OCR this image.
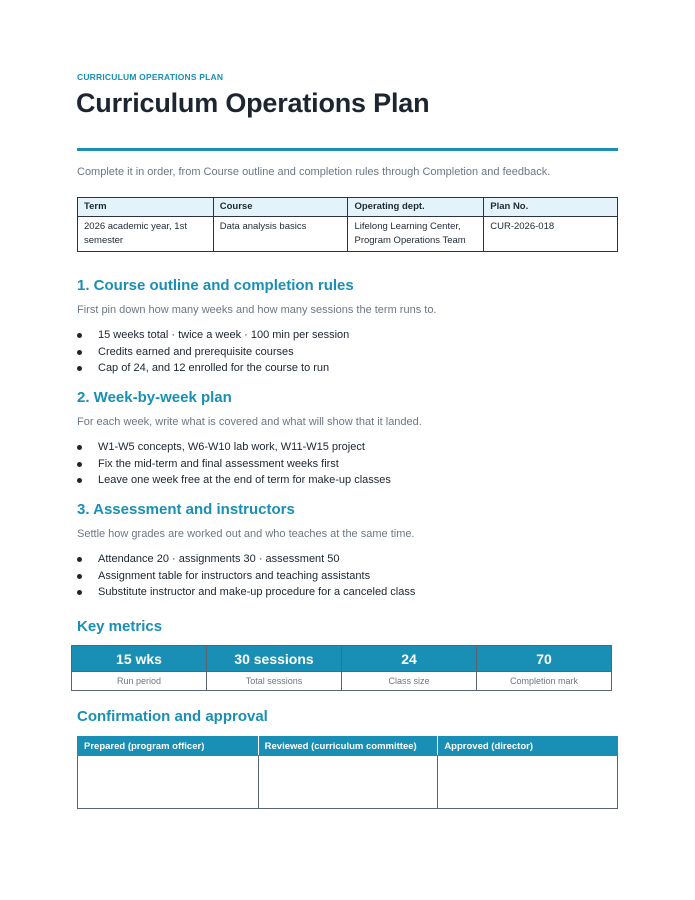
CURRICULUM OPERATIONS PLAN
Curriculum Operations Plan
Complete it in order, from Course outline and completion rules through Completion and feedback.
Term	Course	Operating dept.	Plan No.
2026 academic year, 1st semester	Data analysis basics	Lifelong Learning Center, Program Operations Team	CUR-2026-018
1. Course outline and completion rules
First pin down how many weeks and how many sessions the term runs to.
15 weeks total · twice a week · 100 min per session
Credits earned and prerequisite courses
Cap of 24, and 12 enrolled for the course to run
2. Week-by-week plan
For each week, write what is covered and what will show that it landed.
W1-W5 concepts, W6-W10 lab work, W11-W15 project
Fix the mid-term and final assessment weeks first
Leave one week free at the end of term for make-up classes
3. Assessment and instructors
Settle how grades are worked out and who teaches at the same time.
Attendance 20 · assignments 30 · assessment 50
Assignment table for instructors and teaching assistants
Substitute instructor and make-up procedure for a canceled class
Key metrics
15 wks	30 sessions	24	70
Run period	Total sessions	Class size	Completion mark
Confirmation and approval
Prepared (program officer)	Reviewed (curriculum committee)	Approved (director)
